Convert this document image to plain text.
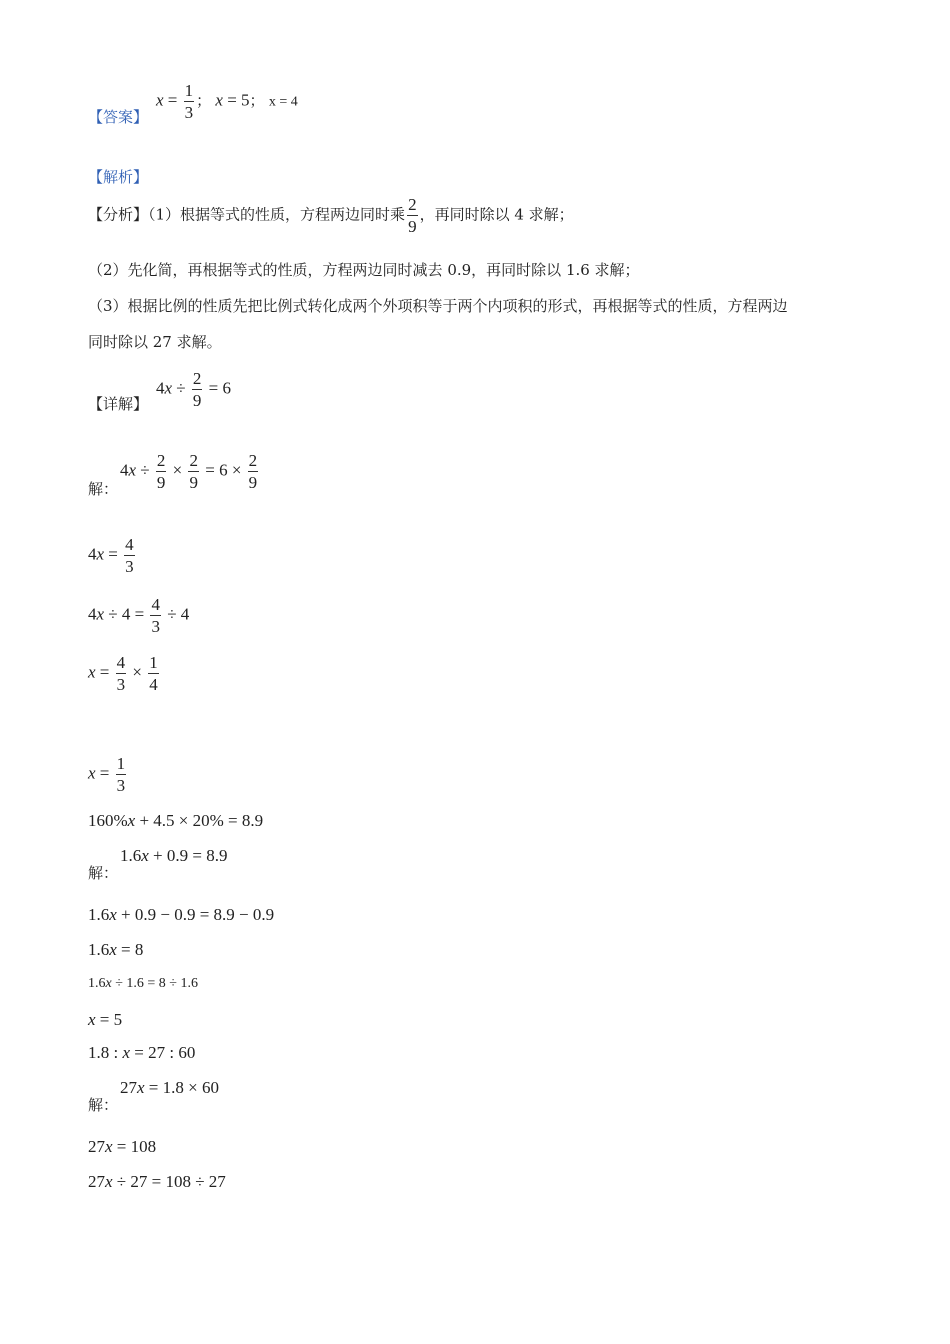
【答案】
$x = \frac{1}{3}$ ； x = 5； x = 4
【解析】
【分析】（1）根据等式的性质，方程两边同时乘 $\frac{2}{9}$ ，再同时除以 4 求解；
（2）先化简，再根据等式的性质，方程两边同时减去 0.9，再同时除以 1.6 求解；
（3）根据比例的性质先把比例式转化成两个外项积等于两个内项积的形式，再根据等式的性质，方程两边
同时除以 27 求解。
【详解】
$4x \div \frac{2}{9} = 6$
解：
$4x \div \frac{2}{9} \times \frac{2}{9} = 6 \times \frac{2}{9}$
$4x = \frac{4}{3}$
$4x \div 4 = \frac{4}{3} \div 4$
$x = \frac{4}{3} \times \frac{1}{4}$
$x = \frac{1}{3}$
160%x + 4.5 × 20% = 8.9
解：
1.6x + 0.9 = 8.9
1.6x + 0.9 − 0.9 = 8.9 − 0.9
1.6x = 8
1.6x ÷ 1.6 = 8 ÷ 1.6
x = 5
1.8 : x = 27 : 60
解：
27x = 1.8 × 60
27x = 108
27x ÷ 27 = 108 ÷ 27
